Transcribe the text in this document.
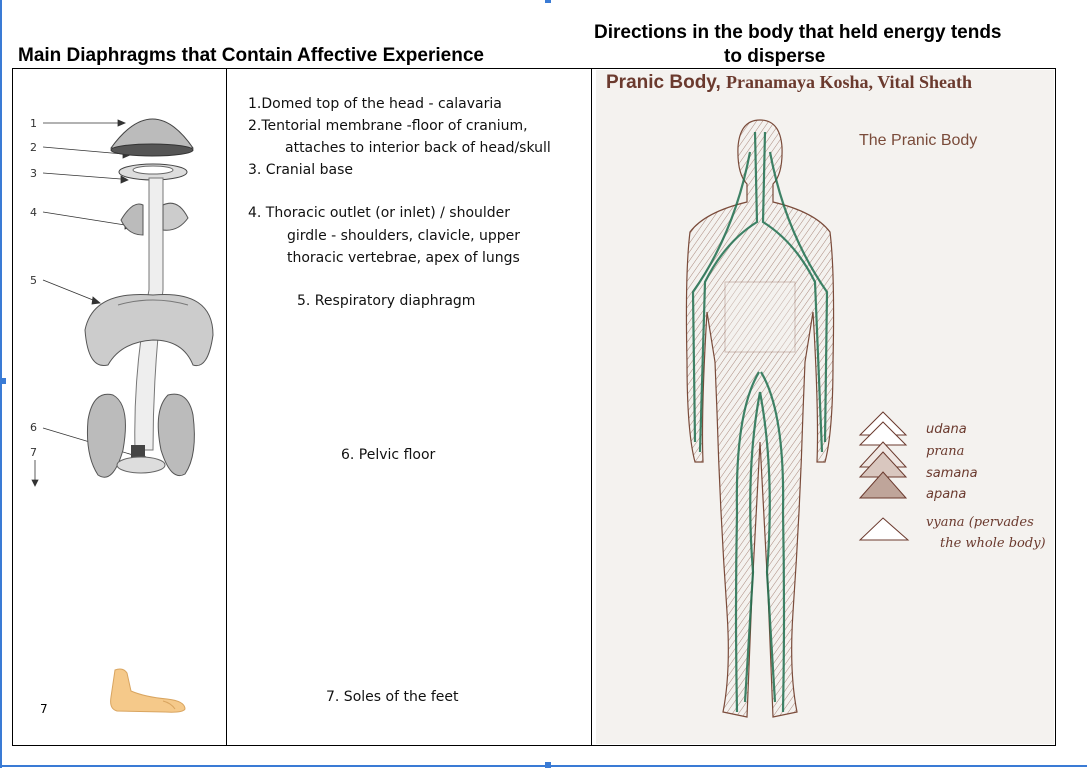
Main Diaphragms that Contain Affective Experience
Directions in the body that held energy tends
to disperse
1
2
3
4
5
6
7
7
1.Domed top of the head - calavaria
2.Tentorial membrane -floor of cranium,
attaches to interior back of head/skull
3. Cranial base
4. Thoracic outlet (or inlet) / shoulder
girdle - shoulders, clavicle, upper
thoracic vertebrae, apex of lungs
5. Respiratory diaphragm
6. Pelvic floor
7. Soles of the feet
Pranic Body, Pranamaya Kosha, Vital Sheath
The Pranic Body
udana
prana
samana
apana
vyana (pervades
the whole body)
